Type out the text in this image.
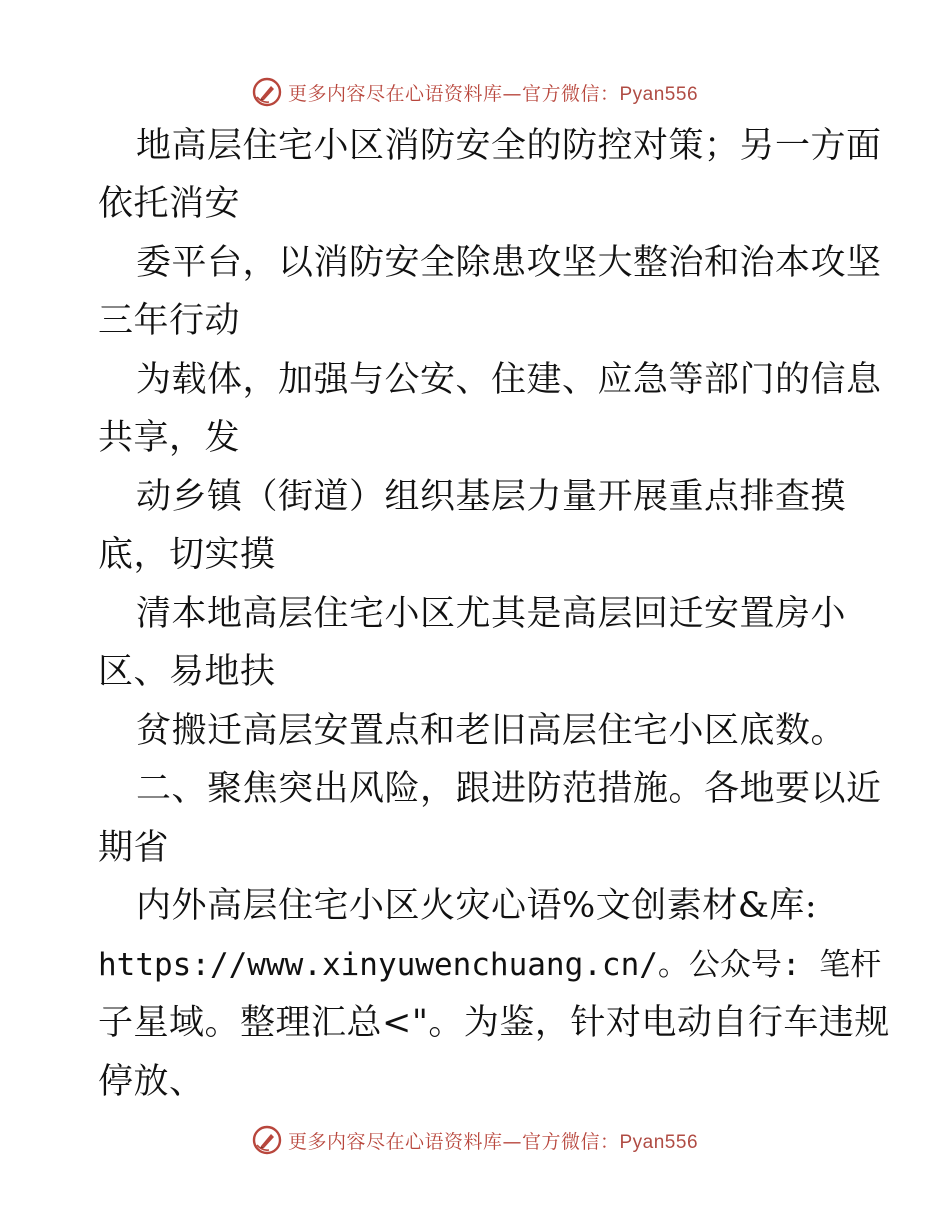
更多内容尽在心语资料库—官方微信：Pyan556
地高层住宅小区消防安全的防控对策；另一方面
依托消安
委平台，以消防安全除患攻坚大整治和治本攻坚
三年行动
为载体，加强与公安、住建、应急等部门的信息
共享，发
动乡镇（街道）组织基层力量开展重点排查摸
底，切实摸
清本地高层住宅小区尤其是高层回迁安置房小
区、易地扶
贫搬迁高层安置点和老旧高层住宅小区底数。
二、聚焦突出风险，跟进防范措施。各地要以近
期省
内外高层住宅小区火灾心语%文创素材&库:
https://www.xinyuwenchuang.cn/。公众号: 笔杆
子星域。整理汇总<"。为鉴，针对电动自行车违规
停放、
更多内容尽在心语资料库—官方微信：Pyan556
